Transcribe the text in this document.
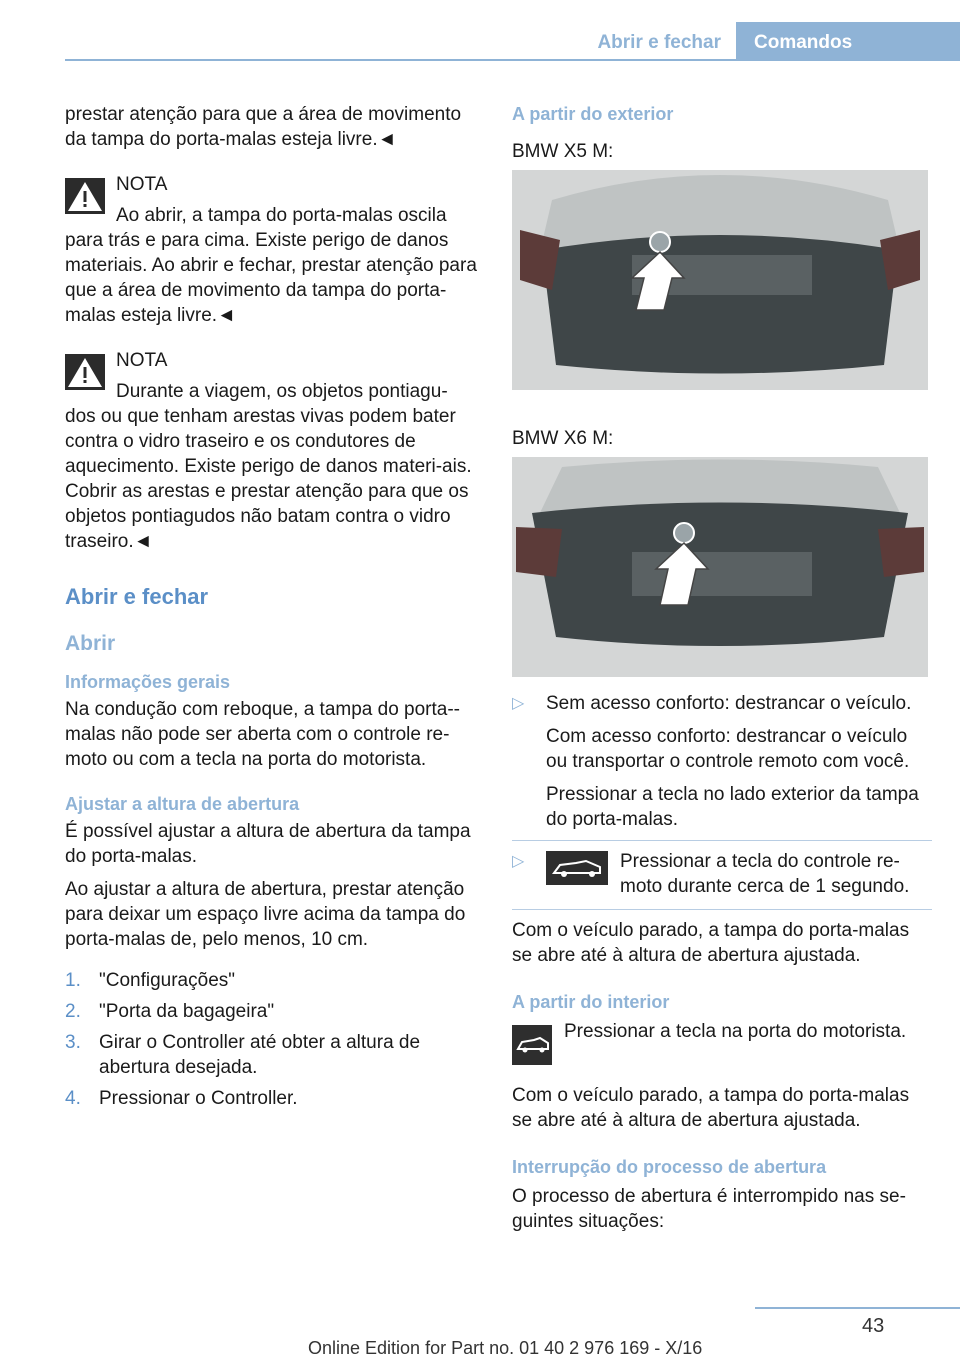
Abrir e fechar	Comandos

prestar atenção para que a área de movimento da tampa do porta-malas esteja livre.◄

NOTA

Ao abrir, a tampa do porta-malas oscila

para trás e para cima. Existe perigo de danos materiais. Ao abrir e fechar, prestar atenção para que a área de movimento da tampa do porta-malas esteja livre.◄

NOTA

Durante a viagem, os objetos pontiagu-

dos ou que tenham arestas vivas podem bater contra o vidro traseiro e os condutores de aquecimento. Existe perigo de danos materi-ais. Cobrir as arestas e prestar atenção para que os objetos pontiagudos não batam contra o vidro traseiro.◄

Abrir e fechar

Abrir

Informações gerais

Na condução com reboque, a tampa do porta--malas não pode ser aberta com o controle re-moto ou com a tecla na porta do motorista.

Ajustar a altura de abertura

É possível ajustar a altura de abertura da tampa do porta-malas.

Ao ajustar a altura de abertura, prestar atenção para deixar um espaço livre acima da tampa do porta-malas de, pelo menos, 10 cm.

1. "Configurações"
2. "Porta da bagageira"
3. Girar o Controller até obter a altura de abertura desejada.
4. Pressionar o Controller.

A partir do exterior

BMW X5 M:

BMW X6 M:

▷ Sem acesso conforto: destrancar o veículo.

Com acesso conforto: destrancar o veículo ou transportar o controle remoto com você.

Pressionar a tecla no lado exterior da tampa do porta-malas.

▷	Pressionar a tecla do controle re-moto durante cerca de 1 segundo.

Com o veículo parado, a tampa do porta-malas se abre até à altura de abertura ajustada.

A partir do interior

Pressionar a tecla na porta do motorista.

Com o veículo parado, a tampa do porta-malas se abre até à altura de abertura ajustada.

Interrupção do processo de abertura

O processo de abertura é interrompido nas se-guintes situações:

43
Online Edition for Part no. 01 40 2 976 169 - X/16
